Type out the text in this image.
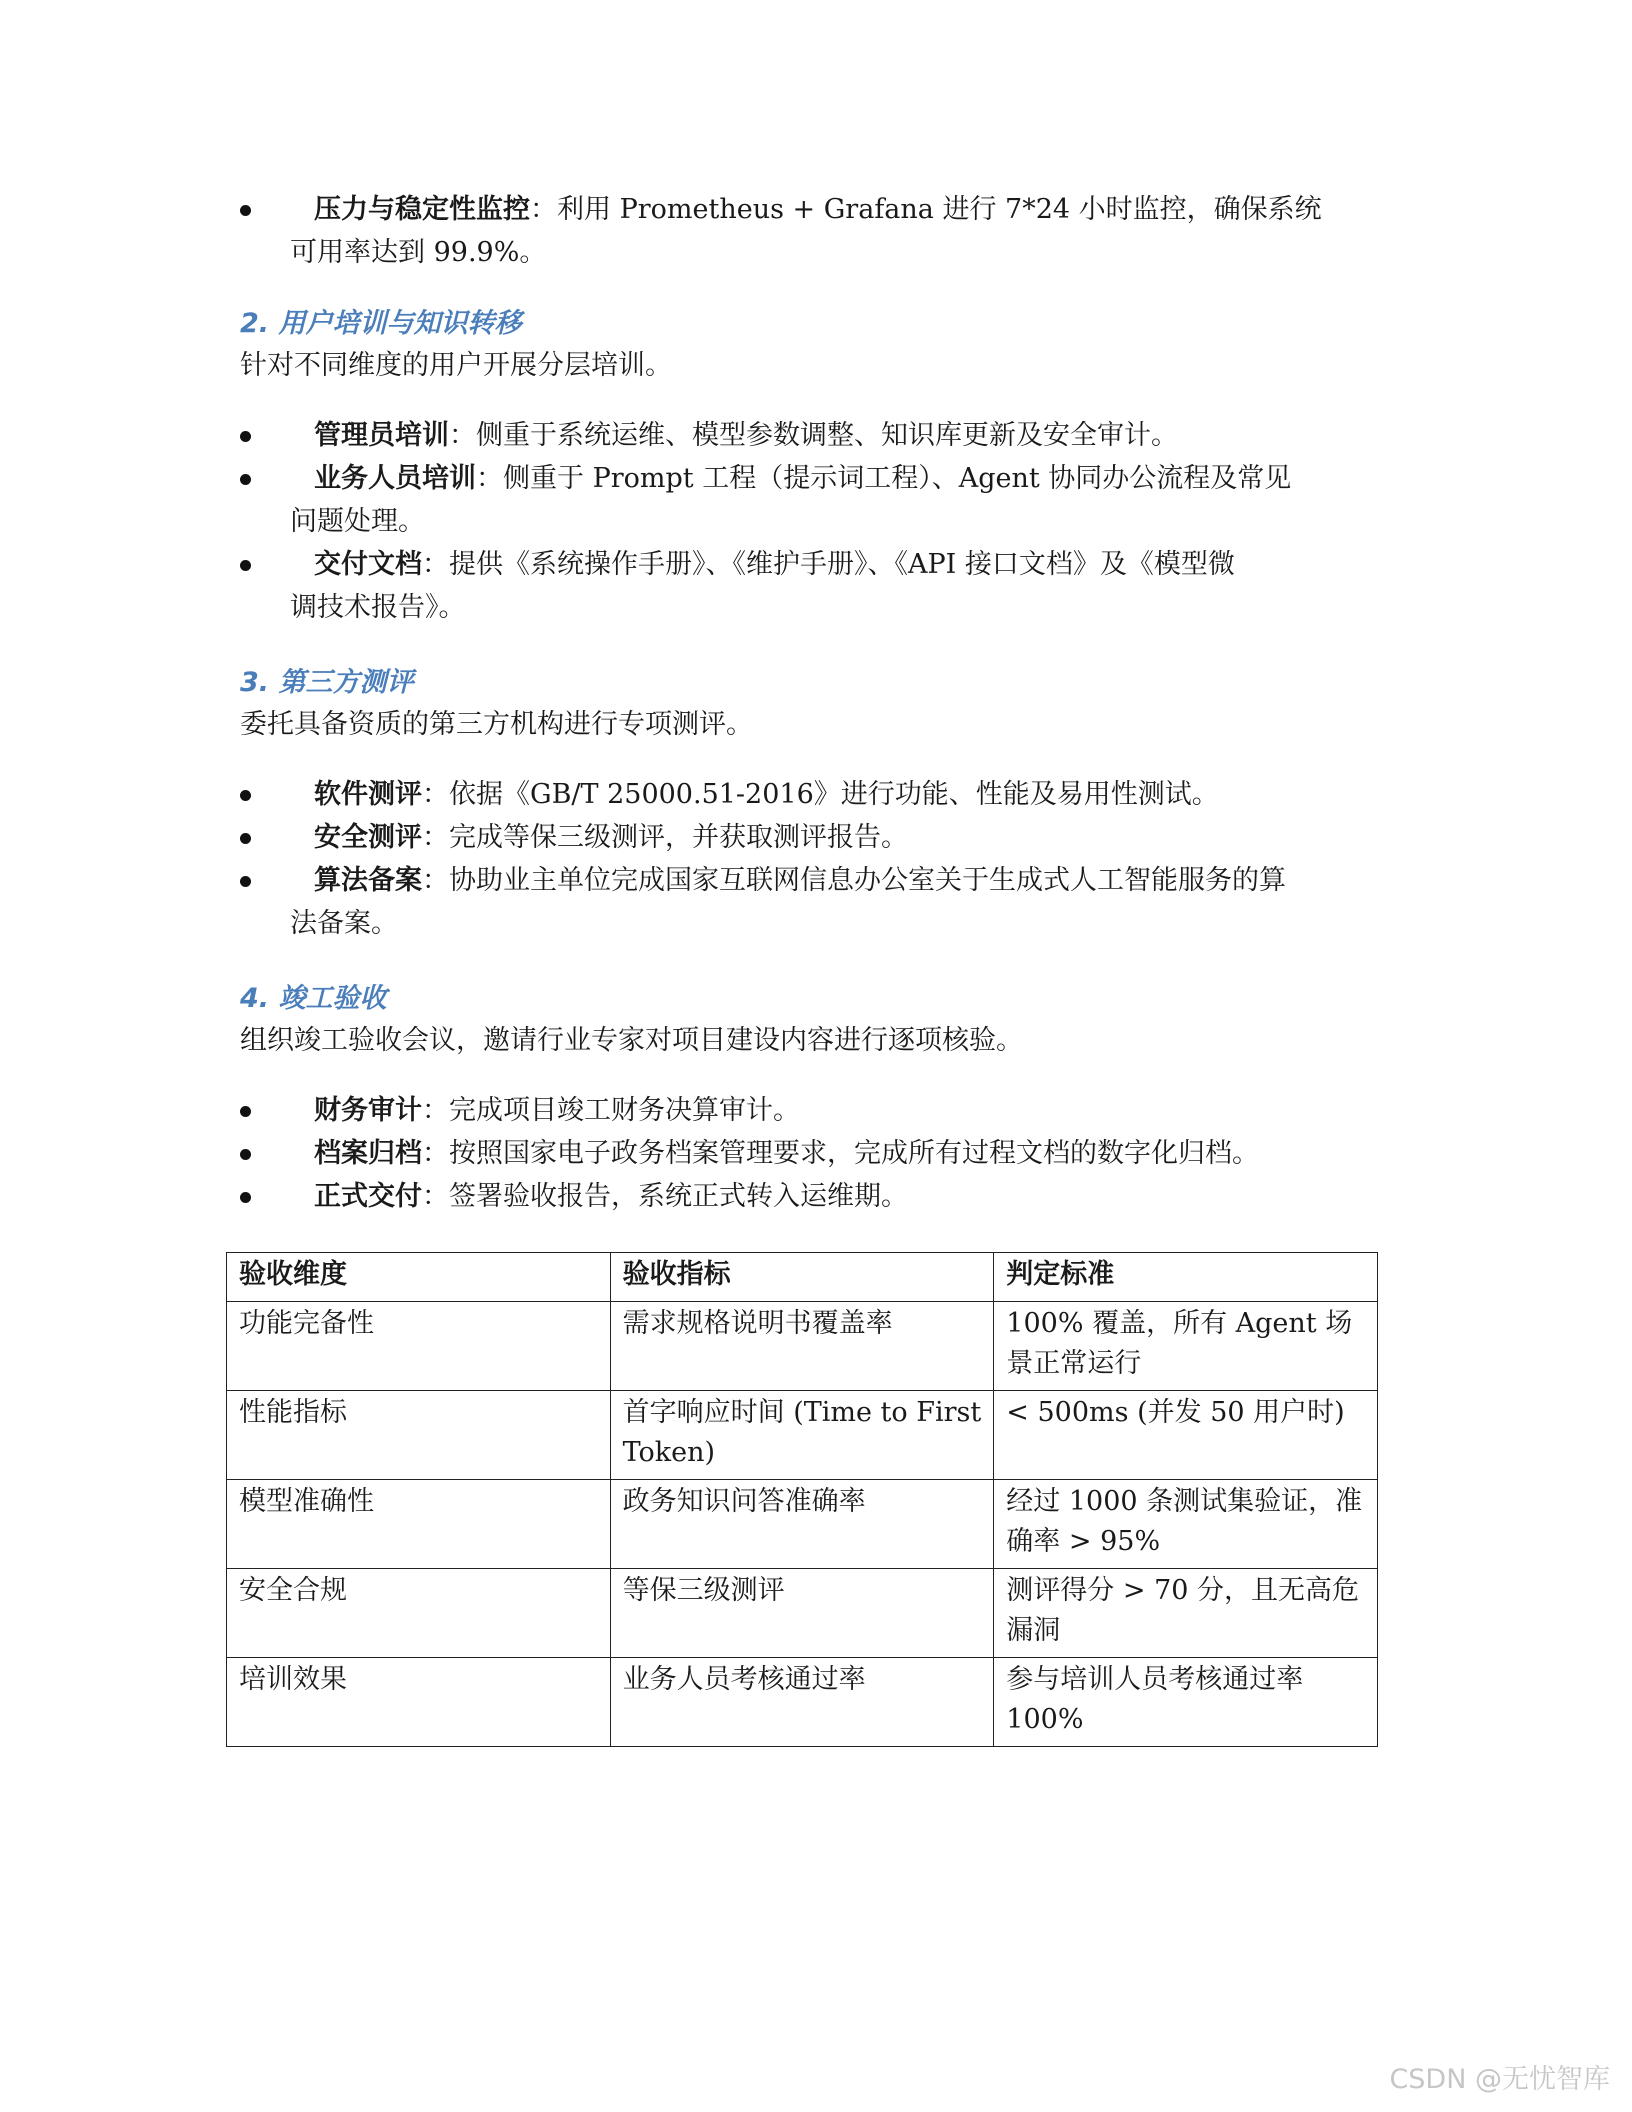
压力与稳定性监控：利用 Prometheus + Grafana 进行 7*24 小时监控，确保系统
可用率达到 99.9%。
2. 用户培训与知识转移

针对不同维度的用户开展分层培训。

管理员培训：侧重于系统运维、模型参数调整、知识库更新及安全审计。
业务人员培训：侧重于 Prompt 工程（提示词工程）、Agent 协同办公流程及常见
问题处理。
交付文档：提供《系统操作手册》、《维护手册》、《API 接口文档》及《模型微
调技术报告》。
3. 第三方测评

委托具备资质的第三方机构进行专项测评。

软件测评：依据《GB/T 25000.51-2016》进行功能、性能及易用性测试。
安全测评：完成等保三级测评，并获取测评报告。
算法备案：协助业主单位完成国家互联网信息办公室关于生成式人工智能服务的算
法备案。
4. 竣工验收

组织竣工验收会议，邀请行业专家对项目建设内容进行逐项核验。

财务审计：完成项目竣工财务决算审计。
档案归档：按照国家电子政务档案管理要求，完成所有过程文档的数字化归档。
正式交付：签署验收报告，系统正式转入运维期。
验收维度	验收指标	判定标准
功能完备性	需求规格说明书覆盖率	100% 覆盖，所有 Agent 场景正常运行
性能指标	首字响应时间 (Time to First Token)	< 500ms (并发 50 用户时)
模型准确性	政务知识问答准确率	经过 1000 条测试集验证，准确率 > 95%
安全合规	等保三级测评	测评得分 > 70 分，且无高危漏洞
培训效果	业务人员考核通过率	参与培训人员考核通过率 100%
CSDN @无忧智库
